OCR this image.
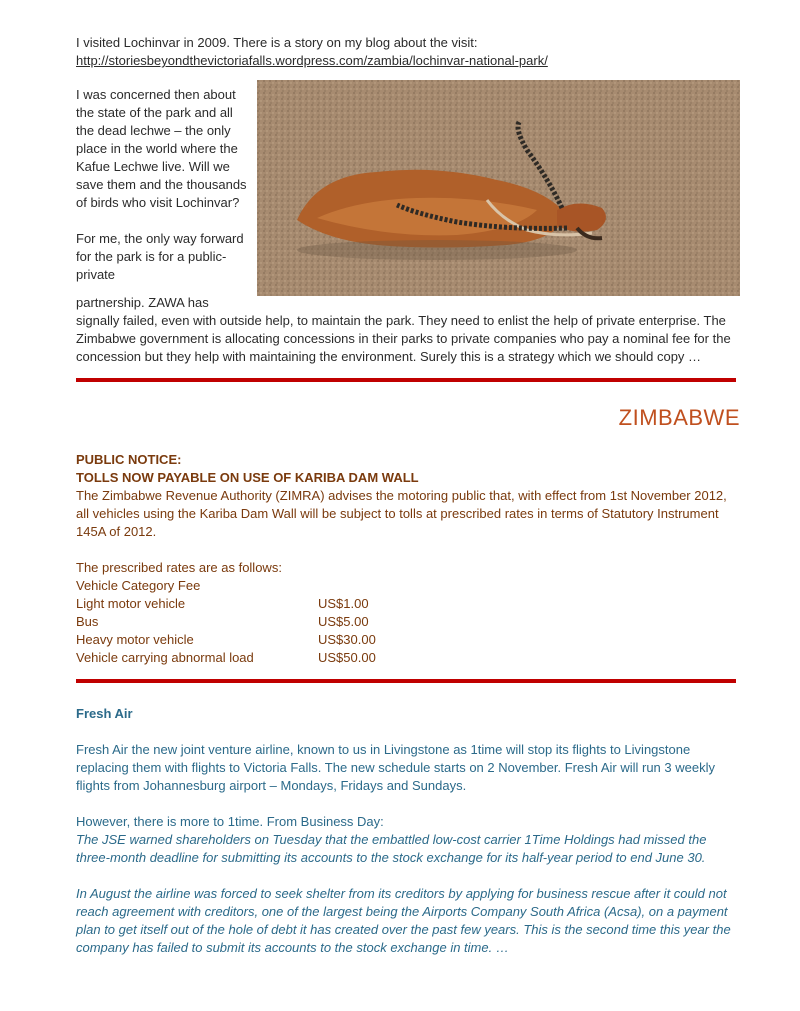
I visited Lochinvar in 2009. There is a story on my blog about the visit:

http://storiesbeyondthevictoriafalls.wordpress.com/zambia/lochinvar-national-park/

I was concerned then about the state of the park and all the dead lechwe – the only place in the world where the Kafue Lechwe live. Will we save them and the thousands of birds who visit Lochinvar?

For me, the only way forward for the park is for a public-private

partnership. ZAWA has signally failed, even with outside help, to maintain the park. They need to enlist the help of private enterprise. The Zimbabwe government is allocating concessions in their parks to private companies who pay a nominal fee for the concession but they help with maintaining the environment. Surely this is a strategy which we should copy …

ZIMBABWE

PUBLIC NOTICE:

TOLLS NOW PAYABLE ON USE OF KARIBA DAM WALL

The Zimbabwe Revenue Authority (ZIMRA) advises the motoring public that, with effect from 1st November 2012, all vehicles using the Kariba Dam Wall will be subject to tolls at prescribed rates in terms of Statutory Instrument 145A of 2012.

The prescribed rates are as follows:

Vehicle Category Fee

Light motor vehicle	US$1.00
Bus	US$5.00
Heavy motor vehicle	US$30.00
Vehicle carrying abnormal load	US$50.00

Fresh Air

Fresh Air the new joint venture airline, known to us in Livingstone as 1time will stop its flights to Livingstone replacing them with flights to Victoria Falls. The new schedule starts on 2 November. Fresh Air will run 3 weekly flights from Johannesburg airport – Mondays, Fridays and Sundays.

However, there is more to 1time. From Business Day:

The JSE warned shareholders on Tuesday that the embattled low-cost carrier 1Time Holdings had missed the three-month deadline for submitting its accounts to the stock exchange for its half-year period to end June 30.

In August the airline was forced to seek shelter from its creditors by applying for business rescue after it could not reach agreement with creditors, one of the largest being the Airports Company South Africa (Acsa), on a payment plan to get itself out of the hole of debt it has created over the past few years. This is the second time this year the company has failed to submit its accounts to the stock exchange in time. …
